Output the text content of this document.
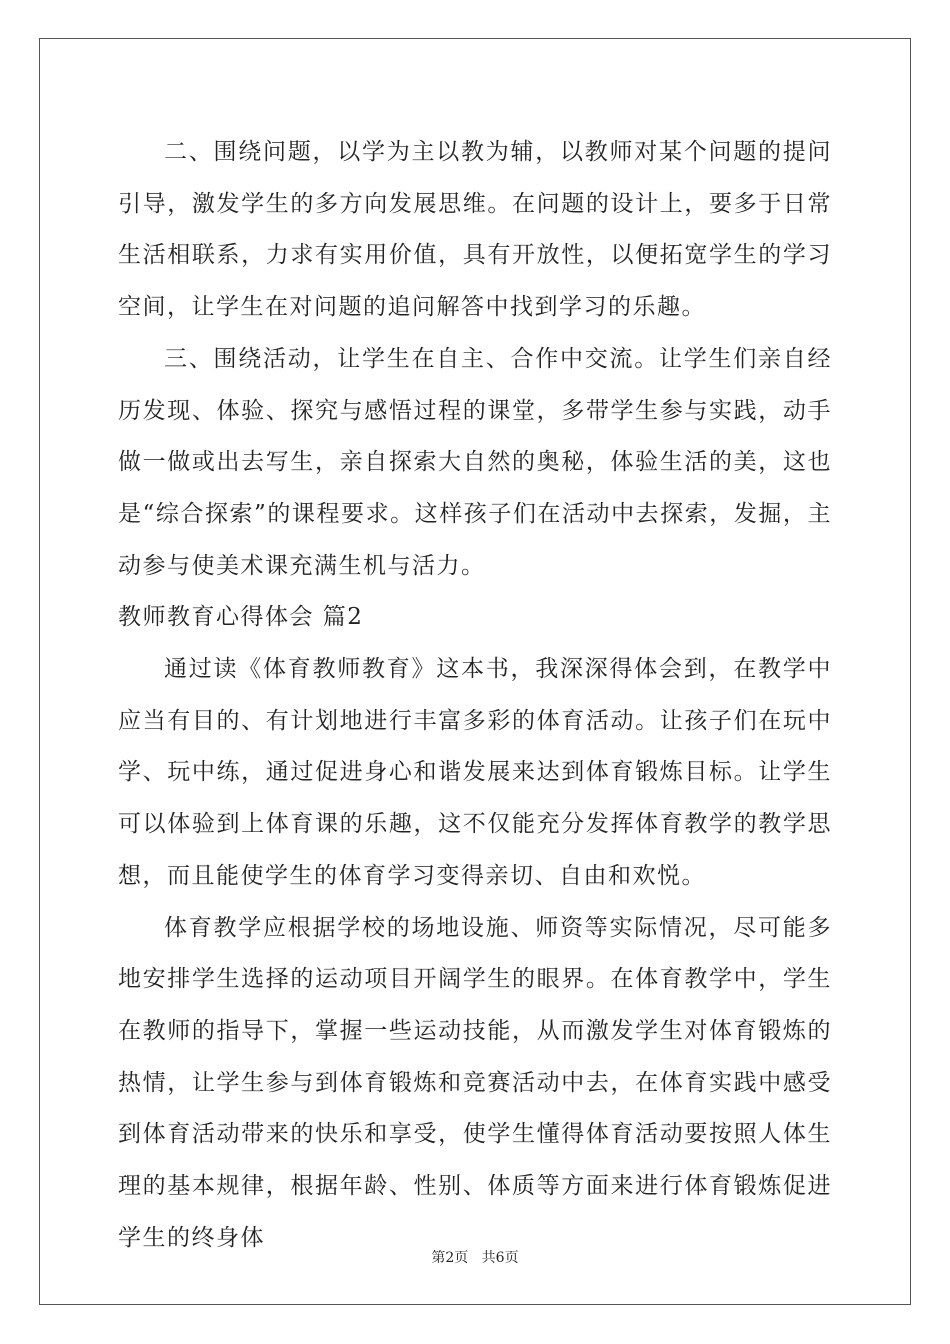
二、围绕问题，以学为主以教为辅，以教师对某个问题的提问引导，激发学生的多方向发展思维。在问题的设计上，要多于日常生活相联系，力求有实用价值，具有开放性，以便拓宽学生的学习空间，让学生在对问题的追问解答中找到学习的乐趣。

三、围绕活动，让学生在自主、合作中交流。让学生们亲自经历发现、体验、探究与感悟过程的课堂，多带学生参与实践，动手做一做或出去写生，亲自探索大自然的奥秘，体验生活的美，这也是“综合探索”的课程要求。这样孩子们在活动中去探索，发掘，主动参与使美术课充满生机与活力。

教师教育心得体会 篇2

通过读《体育教师教育》这本书，我深深得体会到，在教学中应当有目的、有计划地进行丰富多彩的体育活动。让孩子们在玩中学、玩中练，通过促进身心和谐发展来达到体育锻炼目标。让学生可以体验到上体育课的乐趣，这不仅能充分发挥体育教学的教学思想，而且能使学生的体育学习变得亲切、自由和欢悦。

体育教学应根据学校的场地设施、师资等实际情况，尽可能多地安排学生选择的运动项目开阔学生的眼界。在体育教学中，学生在教师的指导下，掌握一些运动技能，从而激发学生对体育锻炼的热情，让学生参与到体育锻炼和竞赛活动中去，在体育实践中感受到体育活动带来的快乐和享受，使学生懂得体育活动要按照人体生理的基本规律，根据年龄、性别、体质等方面来进行体育锻炼促进学生的终身体

第2页 共6页
